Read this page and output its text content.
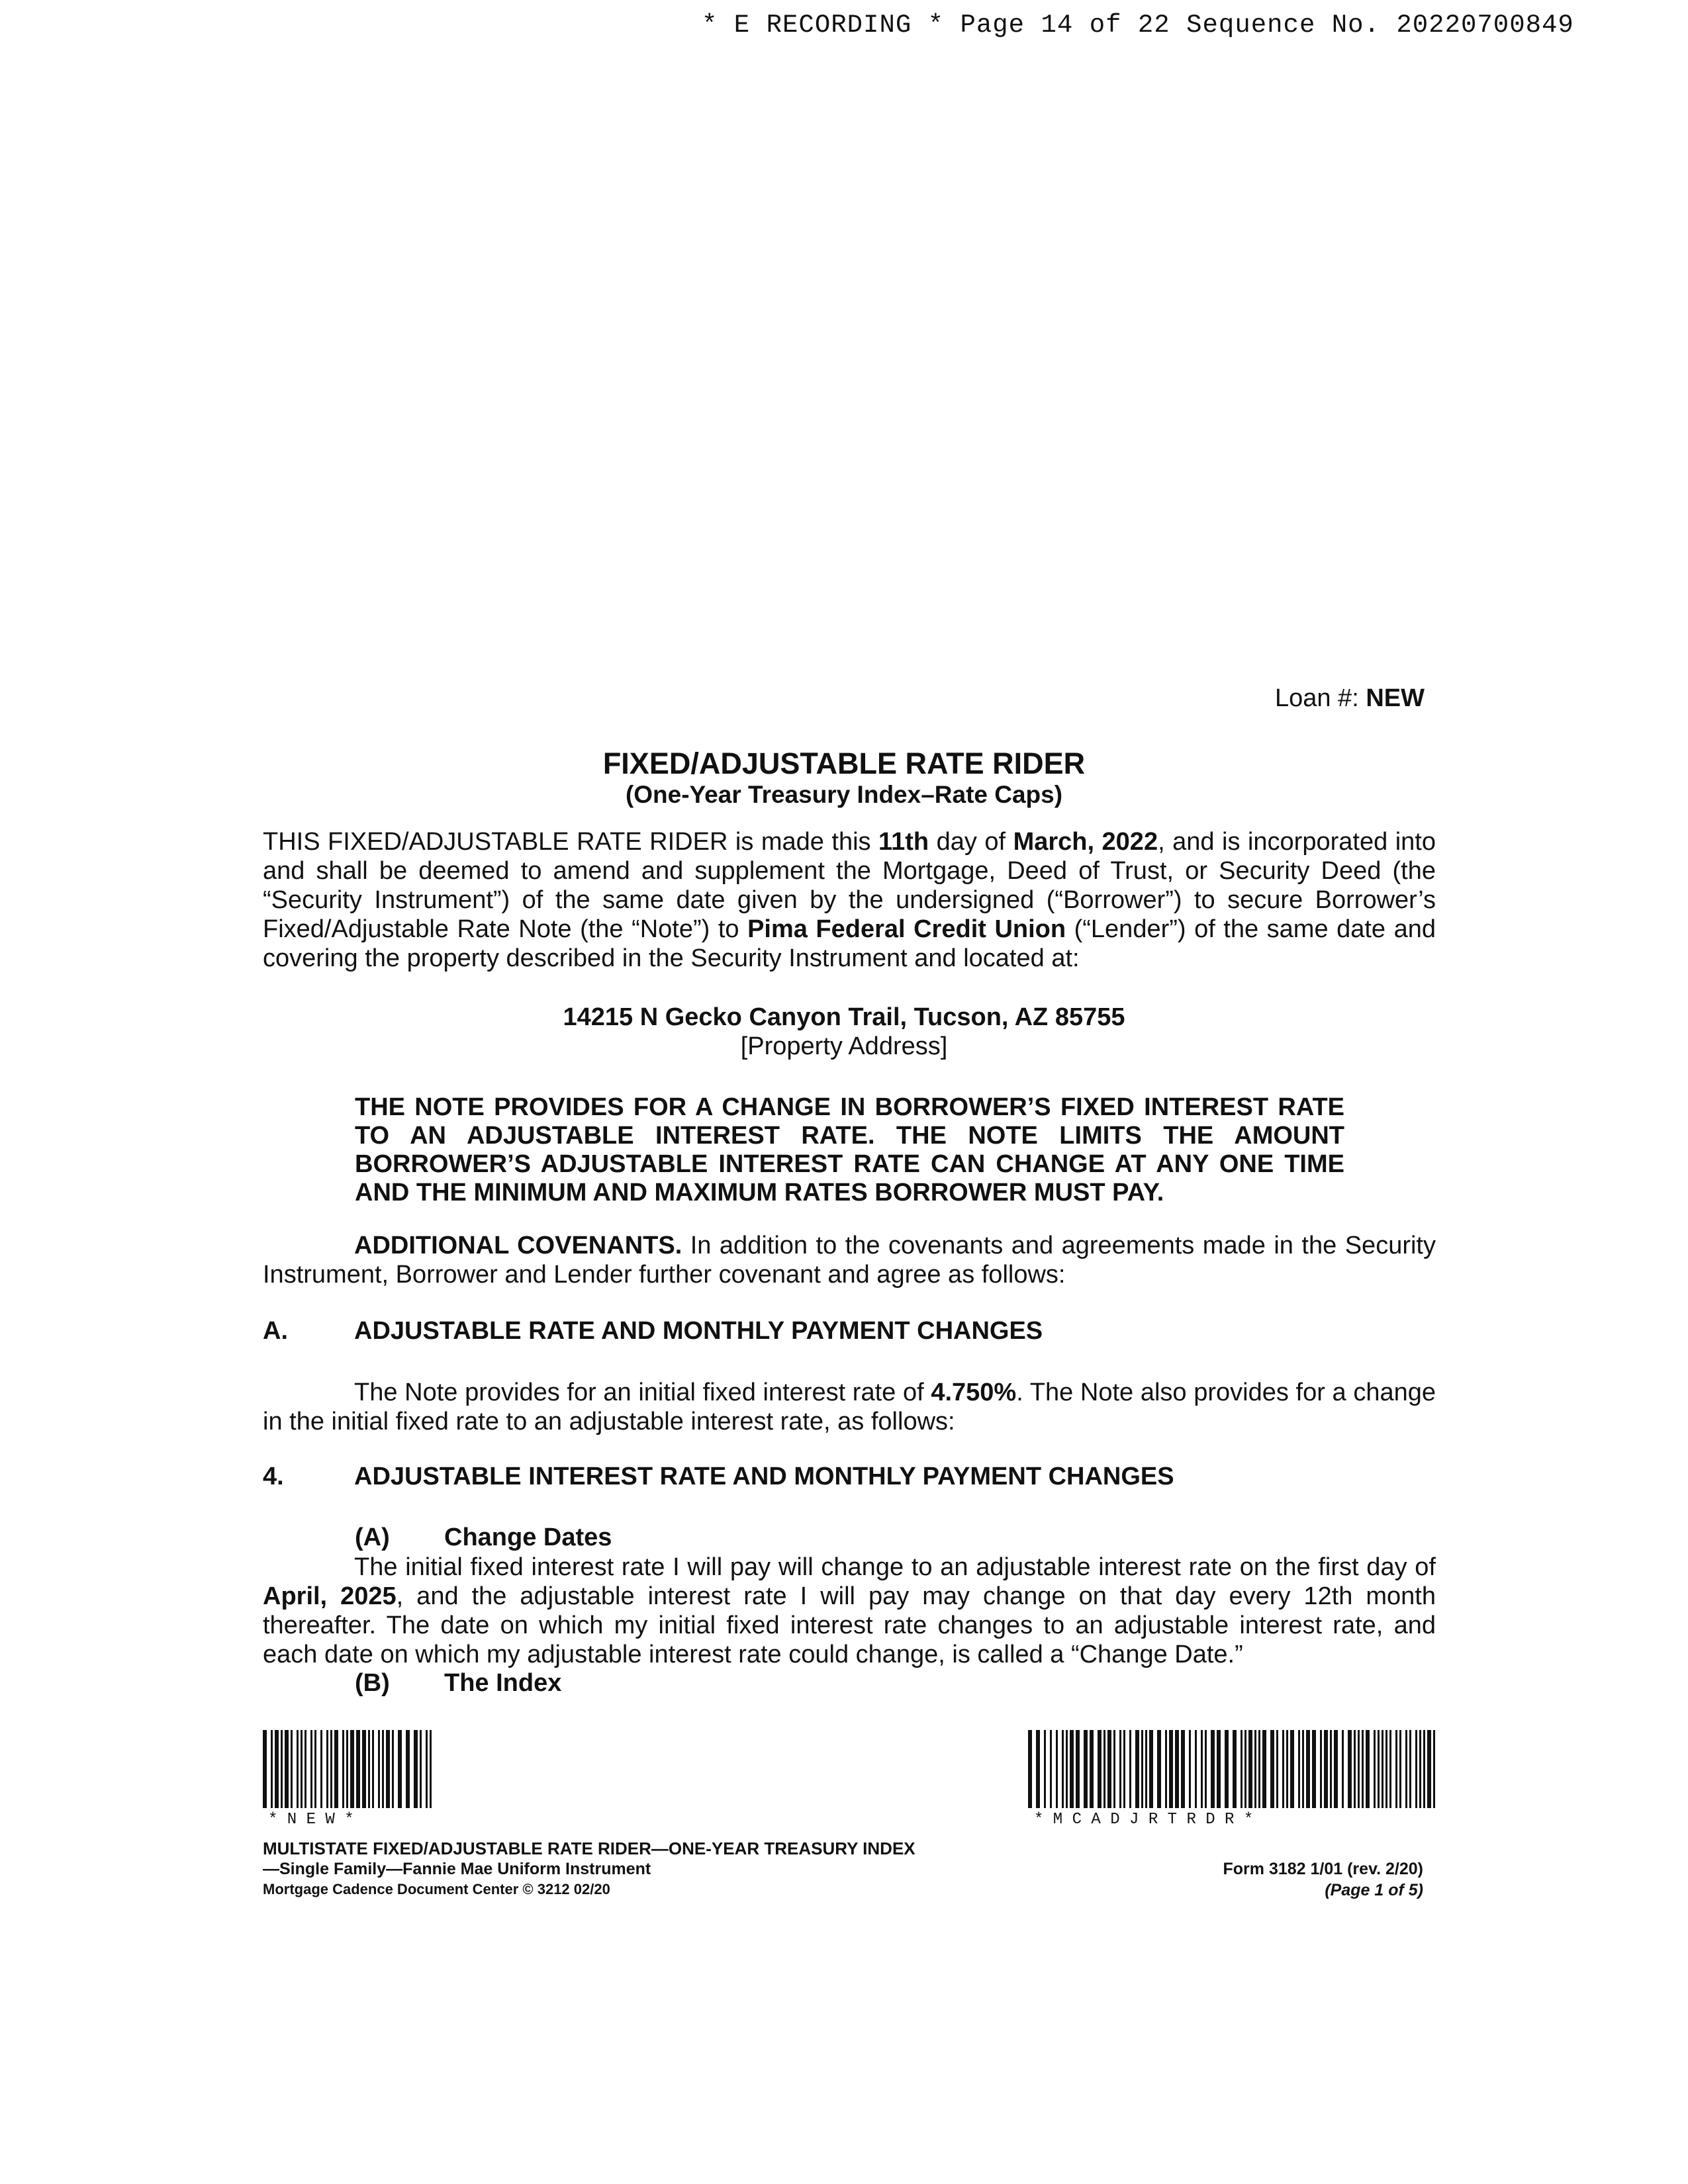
* E RECORDING * Page 14 of 22 Sequence No. 20220700849
Loan #: NEW
FIXED/ADJUSTABLE RATE RIDER
(One-Year Treasury Index–Rate Caps)
THIS FIXED/ADJUSTABLE RATE RIDER is made this 11th day of March, 2022, and is incorporated into and shall be deemed to amend and supplement the Mortgage, Deed of Trust, or Security Deed (the “Security Instrument”) of the same date given by the undersigned (“Borrower”) to secure Borrower’s Fixed/Adjustable Rate Note (the “Note”) to Pima Federal Credit Union (“Lender”) of the same date and covering the property described in the Security Instrument and located at:
14215 N Gecko Canyon Trail, Tucson, AZ 85755
[Property Address]
THE NOTE PROVIDES FOR A CHANGE IN BORROWER’S FIXED INTEREST RATE TO AN ADJUSTABLE INTEREST RATE. THE NOTE LIMITS THE AMOUNT BORROWER’S ADJUSTABLE INTEREST RATE CAN CHANGE AT ANY ONE TIME AND THE MINIMUM AND MAXIMUM RATES BORROWER MUST PAY.
ADDITIONAL COVENANTS. In addition to the covenants and agreements made in the Security Instrument, Borrower and Lender further covenant and agree as follows:
A.	ADJUSTABLE RATE AND MONTHLY PAYMENT CHANGES
The Note provides for an initial fixed interest rate of 4.750%. The Note also provides for a change in the initial fixed rate to an adjustable interest rate, as follows:
4.	ADJUSTABLE INTEREST RATE AND MONTHLY PAYMENT CHANGES
(A) Change Dates
The initial fixed interest rate I will pay will change to an adjustable interest rate on the first day of April, 2025, and the adjustable interest rate I will pay may change on that day every 12th month thereafter. The date on which my initial fixed interest rate changes to an adjustable interest rate, and each date on which my adjustable interest rate could change, is called a “Change Date.”
(B) The Index
* N E W *	* M C A D J R T R D R *
MULTISTATE FIXED/ADJUSTABLE RATE RIDER—ONE-YEAR TREASURY INDEX
—Single Family—Fannie Mae Uniform Instrument
Mortgage Cadence Document Center © 3212 02/20
Form 3182 1/01 (rev. 2/20)
(Page 1 of 5)
